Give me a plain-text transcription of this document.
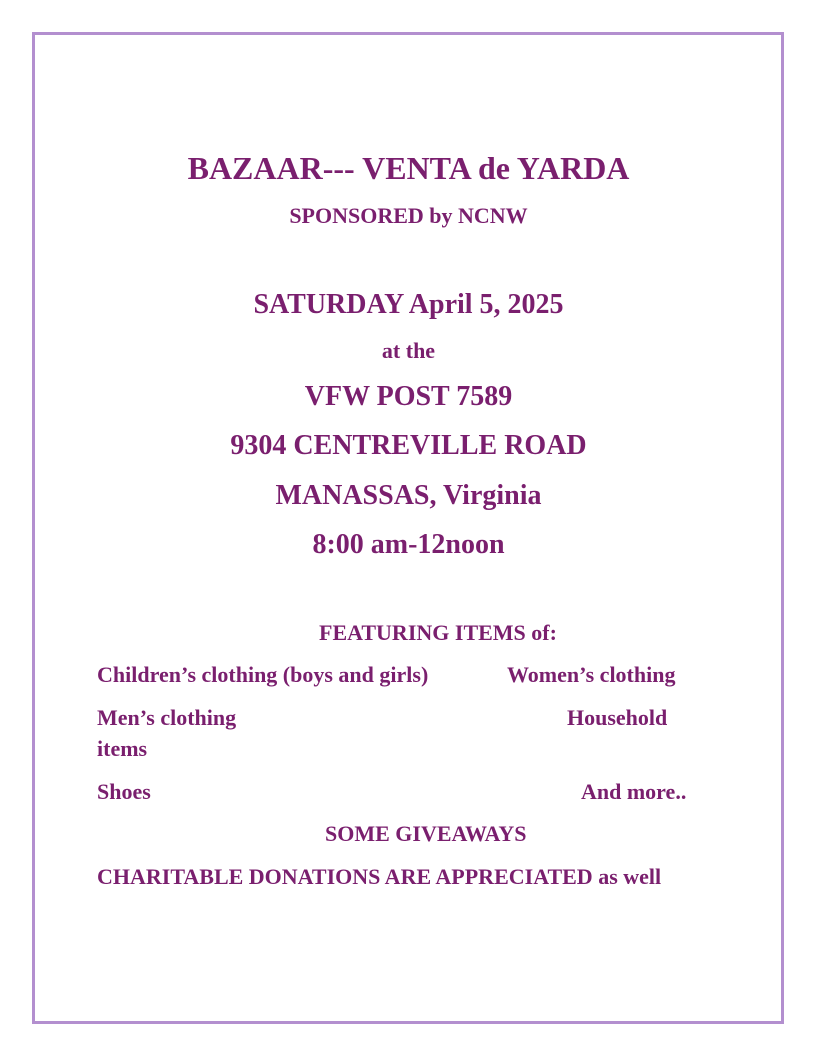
BAZAAR--- VENTA de YARDA
SPONSORED by NCNW
SATURDAY April 5, 2025
at the
VFW POST 7589
9304 CENTREVILLE ROAD
MANASSAS, Virginia
8:00 am-12noon
FEATURING ITEMS of:
Children’s clothing (boys and girls)	Women’s clothing
Men’s clothing	Household
items
Shoes	And more..
SOME GIVEAWAYS
CHARITABLE DONATIONS ARE APPRECIATED as well
